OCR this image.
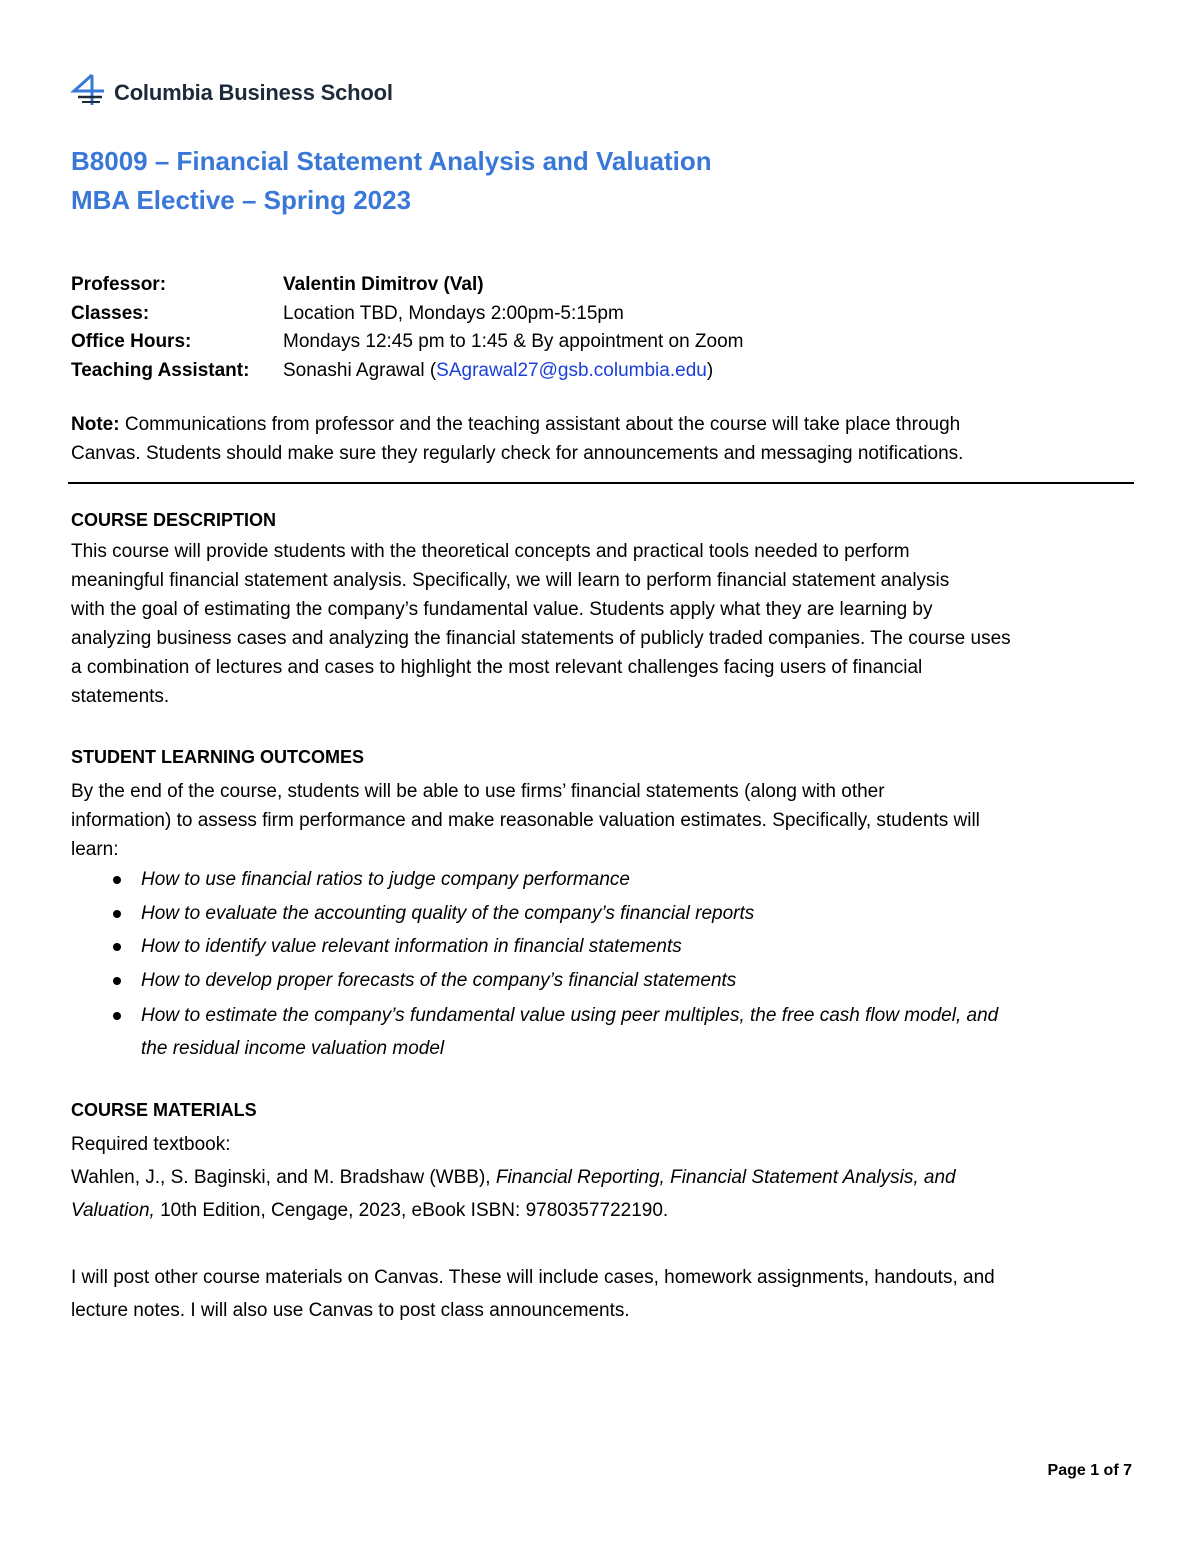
Columbia Business School
B8009 – Financial Statement Analysis and Valuation
MBA Elective – Spring 2023
Professor:	Valentin Dimitrov (Val)
Classes:	Location TBD, Mondays 2:00pm-5:15pm
Office Hours:	Mondays 12:45 pm to 1:45 & By appointment on Zoom
Teaching Assistant: Sonashi Agrawal (SAgrawal27@gsb.columbia.edu)
Note: Communications from professor and the teaching assistant about the course will take place through
Canvas. Students should make sure they regularly check for announcements and messaging notifications.
COURSE DESCRIPTION
This course will provide students with the theoretical concepts and practical tools needed to perform
meaningful financial statement analysis. Specifically, we will learn to perform financial statement analysis
with the goal of estimating the company’s fundamental value. Students apply what they are learning by
analyzing business cases and analyzing the financial statements of publicly traded companies. The course uses
a combination of lectures and cases to highlight the most relevant challenges facing users of financial
statements.
STUDENT LEARNING OUTCOMES
By the end of the course, students will be able to use firms’ financial statements (along with other
information) to assess firm performance and make reasonable valuation estimates. Specifically, students will
learn:
How to use financial ratios to judge company performance
How to evaluate the accounting quality of the company’s financial reports
How to identify value relevant information in financial statements
How to develop proper forecasts of the company’s financial statements
How to estimate the company’s fundamental value using peer multiples, the free cash flow model, and
the residual income valuation model
COURSE MATERIALS
Required textbook:
Wahlen, J., S. Baginski, and M. Bradshaw (WBB), Financial Reporting, Financial Statement Analysis, and
Valuation, 10th Edition, Cengage, 2023, eBook ISBN: 9780357722190.
I will post other course materials on Canvas. These will include cases, homework assignments, handouts, and
lecture notes. I will also use Canvas to post class announcements.
Page 1 of 7
